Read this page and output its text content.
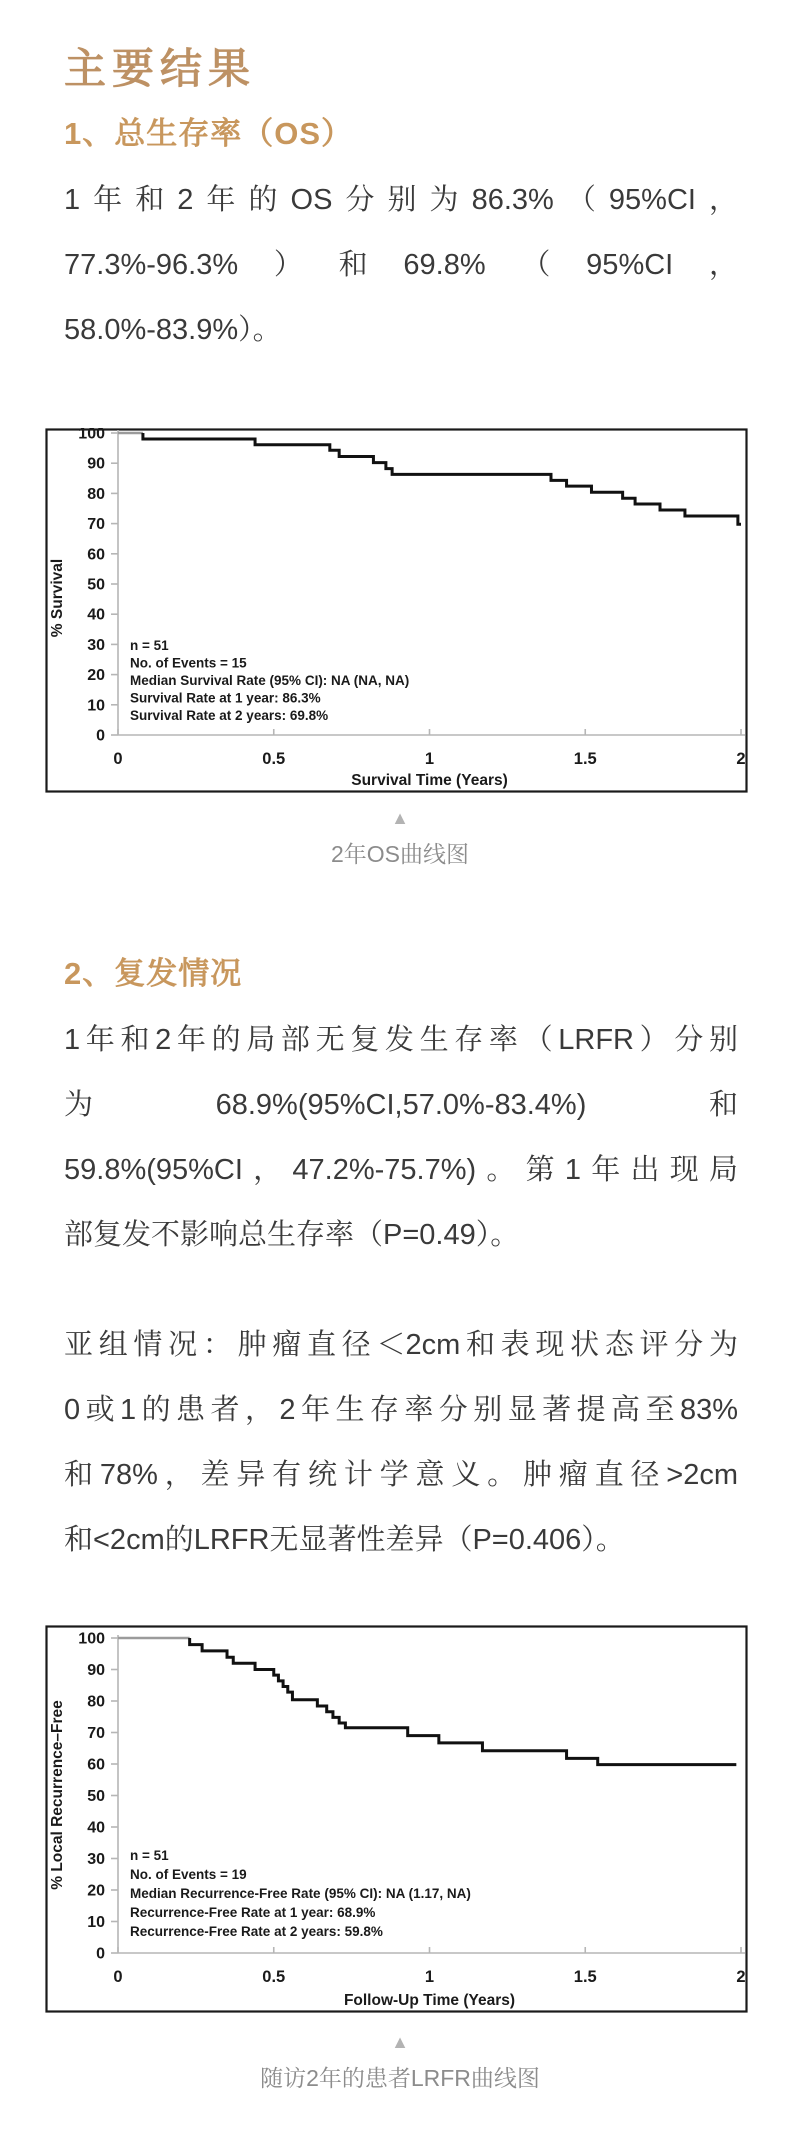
主要结果
1、总生存率（OS）
1年和2年的OS分别为86.3%（95%CI，
77.3%-96.3%）和69.8%（95%CI，
58.0%-83.9%）。
0
10
20
30
40
50
60
70
80
90
100
0	0.5	1	1.5	2
Survival Time (Years)
% Survival
n = 51
No. of Events = 15
Median Survival Rate (95% CI): NA (NA, NA)
Survival Rate at 1 year: 86.3%
Survival Rate at 2 years: 69.8%
▲
2年OS曲线图
2、复发情况
1年和2年的局部无复发生存率（LRFR）分别
为68.9%(95%CI,57.0%-83.4%)和
59.8%(95%CI，47.2%-75.7%)。第1年出现局
部复发不影响总生存率（P=0.49）。
亚组情况：肿瘤直径＜2cm和表现状态评分为
0或1的患者，2年生存率分别显著提高至83%
和78%，差异有统计学意义。肿瘤直径>2cm
和<2cm的LRFR无显著性差异（P=0.406）。
0
10
20
30
40
50
60
70
80
90
100
0	0.5	1	1.5	2
Follow-Up Time (Years)
% Local Recurrence–Free	n = 51
No. of Events = 19
Median Recurrence-Free Rate (95% CI): NA (1.17, NA)
Recurrence-Free Rate at 1 year: 68.9%
Recurrence-Free Rate at 2 years: 59.8%
▲
随访2年的患者LRFR曲线图
